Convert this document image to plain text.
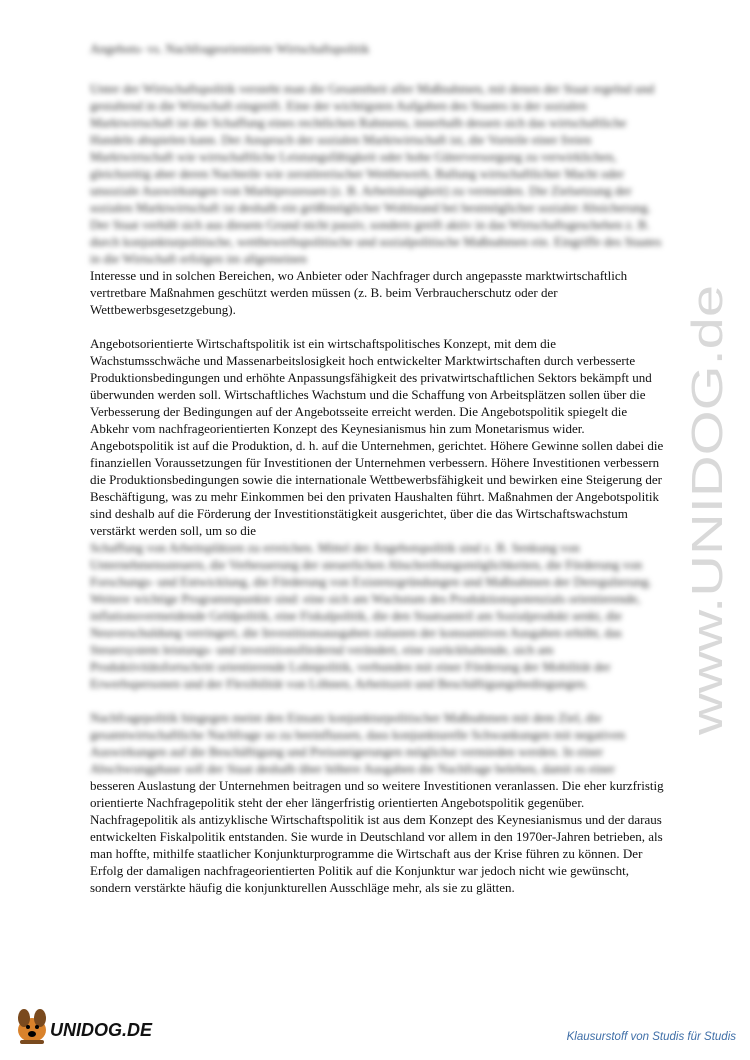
Angebots- vs. Nachfrageorientierte Wirtschaftspolitik

Unter der Wirtschaftspolitik versteht man die Gesamtheit aller Maßnahmen, mit denen der Staat regelnd und gestaltend in die Wirtschaft eingreift. Eine der wichtigsten Aufgaben des Staates in der sozialen Marktwirtschaft ist die Schaffung eines rechtlichen Rahmens, innerhalb dessen sich das wirtschaftliche Handeln abspielen kann. Der Anspruch der sozialen Marktwirtschaft ist, die Vorteile einer freien Marktwirtschaft wie wirtschaftliche Leistungsfähigkeit oder hohe Güterversorgung zu verwirklichen, gleichzeitig aber deren Nachteile wie zerstörerischer Wettbewerb, Ballung wirtschaftlicher Macht oder unsoziale Auswirkungen von Marktprozessen (z. B. Arbeitslosigkeit) zu vermeiden. Die Zielsetzung der sozialen Marktwirtschaft ist deshalb ein größtmöglicher Wohlstand bei bestmöglicher sozialer Absicherung. Der Staat verhält sich aus diesem Grund nicht passiv, sondern greift aktiv in das Wirtschaftsgeschehen z. B. durch konjunkturpolitische, wettbewerbspolitische und sozialpolitische Maßnahmen ein. Eingriffe des Staates in die Wirtschaft erfolgen im allgemeinen

Interesse und in solchen Bereichen, wo Anbieter oder Nachfrager durch angepasste marktwirtschaftlich vertretbare Maßnahmen geschützt werden müssen (z. B. beim Verbraucherschutz oder der Wettbewerbsgesetzgebung).

Angebotsorientierte Wirtschaftspolitik ist ein wirtschaftspolitisches Konzept, mit dem die Wachstumsschwäche und Massenarbeitslosigkeit hoch entwickelter Marktwirtschaften durch verbesserte Produktionsbedingungen und erhöhte Anpassungsfähigkeit des privatwirtschaftlichen Sektors bekämpft und überwunden werden soll. Wirtschaftliches Wachstum und die Schaffung von Arbeitsplätzen sollen über die Verbesserung der Bedingungen auf der Angebotsseite erreicht werden. Die Angebotspolitik spiegelt die Abkehr vom nachfrageorientierten Konzept des Keynesianismus hin zum Monetarismus wider.

Angebotspolitik ist auf die Produktion, d. h. auf die Unternehmen, gerichtet. Höhere Gewinne sollen dabei die finanziellen Voraussetzungen für Investitionen der Unternehmen verbessern. Höhere Investitionen verbessern die Produktionsbedingungen sowie die internationale Wettbewerbsfähigkeit und bewirken eine Steigerung der Beschäftigung, was zu mehr Einkommen bei den privaten Haushalten führt. Maßnahmen der Angebotspolitik sind deshalb auf die Förderung der Investitionstätigkeit ausgerichtet, über die das Wirtschaftswachstum verstärkt werden soll, um so die

Schaffung von Arbeitsplätzen zu erreichen. Mittel der Angebotspolitik sind z. B. Senkung von Unternehmenssteuern, die Verbesserung der steuerlichen Abschreibungsmöglichkeiten, die Förderung von Forschungs- und Entwicklung, die Förderung von Existenzgründungen und Maßnahmen der Deregulierung.

Weitere wichtige Programmpunkte sind: eine sich am Wachstum des Produktionspotenzials orientierende, inflationsvermeidende Geldpolitik, eine Fiskalpolitik, die den Staatsanteil am Sozialprodukt senkt, die Neuverschuldung verringert, die Investitionsausgaben zulasten der konsumtiven Ausgaben erhöht, das Steuersystem leistungs- und investitionsfördernd verändert, eine zurückhaltende, sich am Produktivitätsfortschritt orientierende Lohnpolitik, verbunden mit einer Förderung der Mobilität der Erwerbspersonen und der Flexibilität von Löhnen, Arbeitszeit und Beschäftigungsbedingungen.

Nachfragepolitik hingegen meint den Einsatz konjunkturpolitischer Maßnahmen mit dem Ziel, die gesamtwirtschaftliche Nachfrage so zu beeinflussen, dass konjunkturelle Schwankungen mit negativen Auswirkungen auf die Beschäftigung und Preissteigerungen möglichst vermieden werden. In einer Abschwungphase soll der Staat deshalb über höhere Ausgaben die Nachfrage beleben, damit es einer

besseren Auslastung der Unternehmen beitragen und so weitere Investitionen veranlassen. Die eher kurzfristig orientierte Nachfragepolitik steht der eher längerfristig orientierten Angebotspolitik gegenüber.

Nachfragepolitik als antizyklische Wirtschaftspolitik ist aus dem Konzept des Keynesianismus und der daraus entwickelten Fiskalpolitik entstanden. Sie wurde in Deutschland vor allem in den 1970er-Jahren betrieben, als man hoffte, mithilfe staatlicher Konjunkturprogramme die Wirtschaft aus der Krise führen zu können. Der Erfolg der damaligen nachfrageorientierten Politik auf die Konjunktur war jedoch nicht wie gewünscht, sondern verstärkte häufig die konjunkturellen Ausschläge mehr, als sie zu glätten.

www.UNIDOG.de
UNIDOG.DE	Klausurstoff von Studis für Studis
